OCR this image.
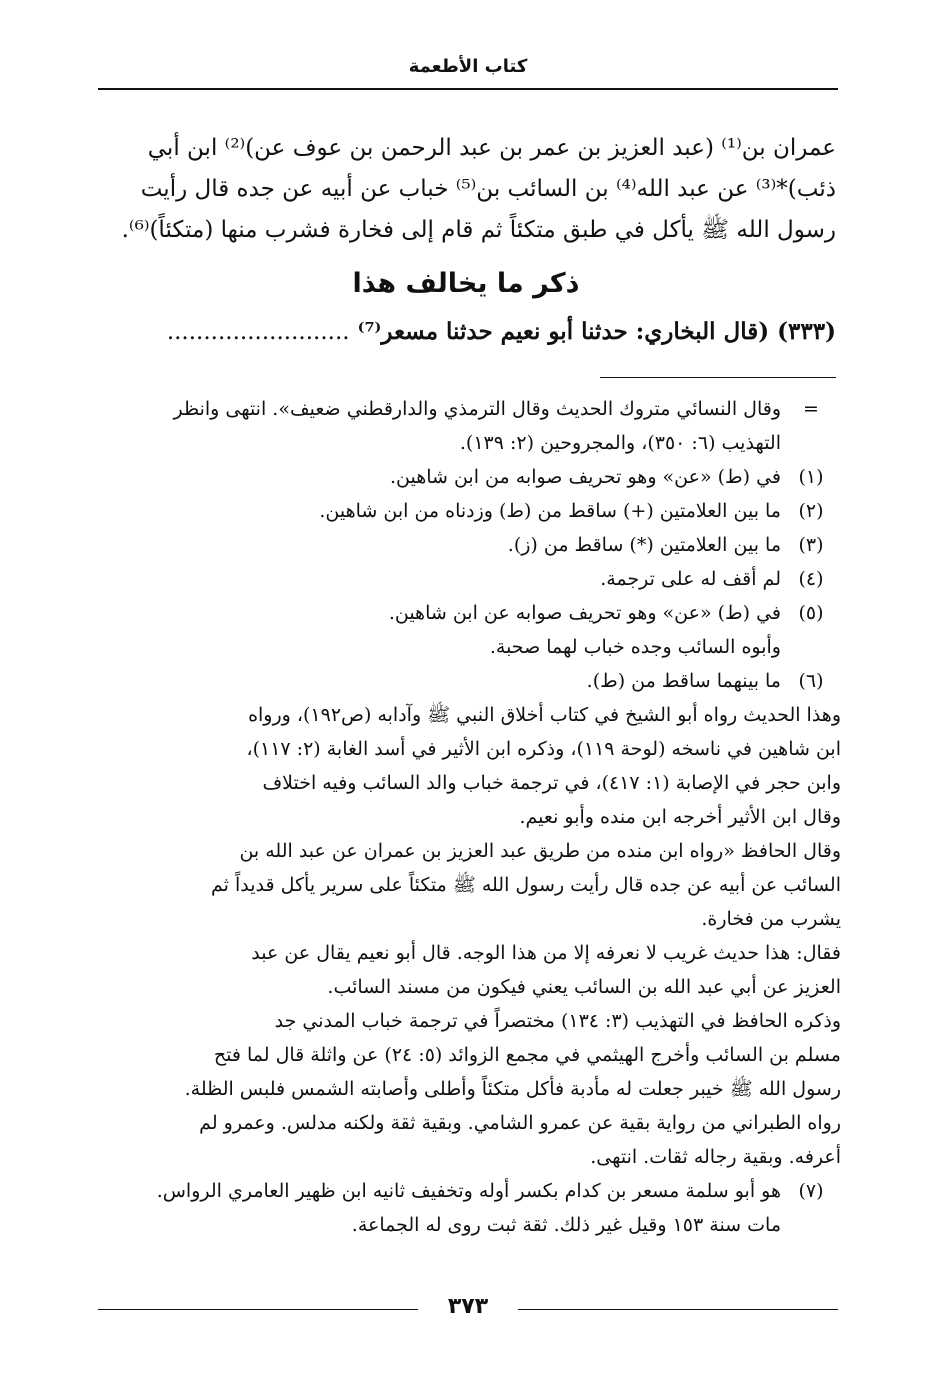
كتاب الأطعمة
عمران بن⁽¹⁾ (عبد العزيز بن عمر بن عبد الرحمن بن عوف عن)⁽²⁾ ابن أبي
ذئب)*⁽³⁾ عن عبد الله⁽⁴⁾ بن السائب بن⁽⁵⁾ خباب عن أبيه عن جده قال رأيت
رسول الله ﷺ يأكل في طبق متكئاً ثم قام إلى فخارة فشرب منها (متكئاً)⁽⁶⁾.
ذكر ما يخالف هذا
(٣٣٣) (قال البخاري: حدثنا أبو نعيم حدثنا مسعر⁽⁷⁾ .........................
=
وقال النسائي متروك الحديث وقال الترمذي والدارقطني ضعيف». انتهى وانظر
التهذيب (٦: ٣٥٠)، والمجروحين (٢: ١٣٩).
(١)
في (ط) «عن» وهو تحريف صوابه من ابن شاهين.
(٢)
ما بين العلامتين (+) ساقط من (ط) وزدناه من ابن شاهين.
(٣)
ما بين العلامتين (*) ساقط من (ز).
(٤)
لم أقف له على ترجمة.
(٥)
في (ط) «عن» وهو تحريف صوابه عن ابن شاهين.
وأبوه السائب وجده خباب لهما صحبة.
(٦)
ما بينهما ساقط من (ط).
وهذا الحديث رواه أبو الشيخ في كتاب أخلاق النبي ﷺ وآدابه (ص١٩٢)، ورواه
ابن شاهين في ناسخه (لوحة ١١٩)، وذكره ابن الأثير في أسد الغابة (٢: ١١٧)،
وابن حجر في الإصابة (١: ٤١٧)، في ترجمة خباب والد السائب وفيه اختلاف
وقال ابن الأثير أخرجه ابن منده وأبو نعيم.
وقال الحافظ «رواه ابن منده من طريق عبد العزيز بن عمران عن عبد الله بن
السائب عن أبيه عن جده قال رأيت رسول الله ﷺ متكئاً على سرير يأكل قديداً ثم
يشرب من فخارة.
فقال: هذا حديث غريب لا نعرفه إلا من هذا الوجه. قال أبو نعيم يقال عن عبد
العزيز عن أبي عبد الله بن السائب يعني فيكون من مسند السائب.
وذكره الحافظ في التهذيب (٣: ١٣٤) مختصراً في ترجمة خباب المدني جد
مسلم بن السائب وأخرج الهيثمي في مجمع الزوائد (٥: ٢٤) عن واثلة قال لما فتح
رسول الله ﷺ خيبر جعلت له مأدبة فأكل متكئاً وأطلى وأصابته الشمس فلبس الظلة.
رواه الطبراني من رواية بقية عن عمرو الشامي. وبقية ثقة ولكنه مدلس. وعمرو لم
أعرفه. وبقية رجاله ثقات. انتهى.
(٧)
هو أبو سلمة مسعر بن كدام بكسر أوله وتخفيف ثانيه ابن ظهير العامري الرواس.
مات سنة ١٥٣ وقيل غير ذلك. ثقة ثبت روى له الجماعة.
٣٧٣
